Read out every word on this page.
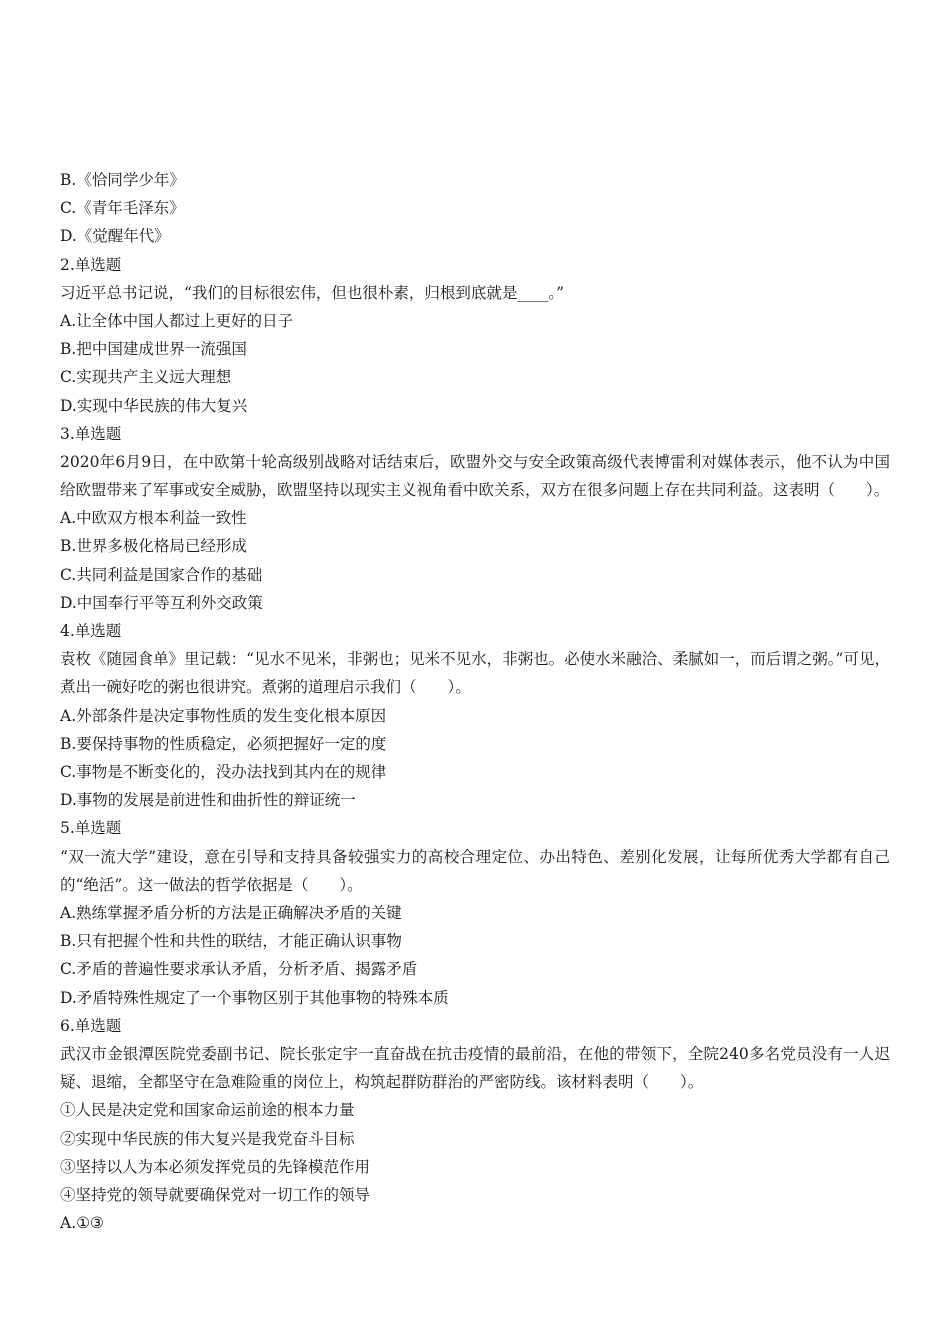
B.《恰同学少年》
C.《青年毛泽东》
D.《觉醒年代》
2.单选题
习近平总书记说，“我们的目标很宏伟，但也很朴素，归根到底就是____。”
A.让全体中国人都过上更好的日子
B.把中国建成世界一流强国
C.实现共产主义远大理想
D.实现中华民族的伟大复兴
3.单选题
2020年6月9日，在中欧第十轮高级别战略对话结束后，欧盟外交与安全政策高级代表博雷利对媒体表示，他不认为中国给欧盟带来了军事或安全威胁，欧盟坚持以现实主义视角看中欧关系，双方在很多问题上存在共同利益。这表明（　　）。
A.中欧双方根本利益一致性
B.世界多极化格局已经形成
C.共同利益是国家合作的基础
D.中国奉行平等互利外交政策
4.单选题
袁枚《随园食单》里记载：“见水不见米，非粥也；见米不见水，非粥也。必使水米融洽、柔腻如一，而后谓之粥。”可见，煮出一碗好吃的粥也很讲究。煮粥的道理启示我们（　　）。
A.外部条件是决定事物性质的发生变化根本原因
B.要保持事物的性质稳定，必须把握好一定的度
C.事物是不断变化的，没办法找到其内在的规律
D.事物的发展是前进性和曲折性的辩证统一
5.单选题
“双一流大学”建设，意在引导和支持具备较强实力的高校合理定位、办出特色、差别化发展，让每所优秀大学都有自己的“绝活”。这一做法的哲学依据是（　　）。
A.熟练掌握矛盾分析的方法是正确解决矛盾的关键
B.只有把握个性和共性的联结，才能正确认识事物
C.矛盾的普遍性要求承认矛盾，分析矛盾、揭露矛盾
D.矛盾特殊性规定了一个事物区别于其他事物的特殊本质
6.单选题
武汉市金银潭医院党委副书记、院长张定宇一直奋战在抗击疫情的最前沿，在他的带领下，全院240多名党员没有一人迟疑、退缩，全都坚守在急难险重的岗位上，构筑起群防群治的严密防线。该材料表明（　　）。
①人民是决定党和国家命运前途的根本力量
②实现中华民族的伟大复兴是我党奋斗目标
③坚持以人为本必须发挥党员的先锋模范作用
④坚持党的领导就要确保党对一切工作的领导
A.①③
